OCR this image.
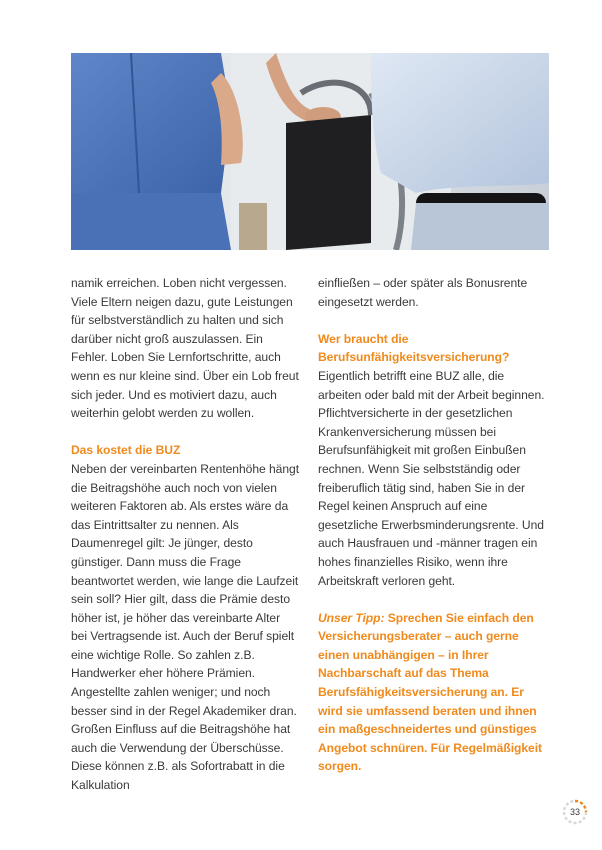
namik erreichen. Loben nicht vergessen. Viele Eltern neigen dazu, gute Leistungen für selbstverständlich zu halten und sich darüber nicht groß auszulassen. Ein Fehler. Loben Sie Lernfortschritte, auch wenn es nur kleine sind. Über ein Lob freut sich jeder. Und es motiviert dazu, auch weiterhin gelobt werden zu wollen.

Das kostet die BUZ

Neben der vereinbarten Rentenhöhe hängt die Beitragshöhe auch noch von vielen weiteren Faktoren ab. Als erstes wäre da das Eintrittsalter zu nennen. Als Daumenregel gilt: Je jünger, desto günstiger. Dann muss die Frage beantwortet werden, wie lange die Laufzeit sein soll? Hier gilt, dass die Prämie desto höher ist, je höher das vereinbarte Alter bei Vertragsende ist. Auch der Beruf spielt eine wichtige Rolle. So zahlen z.B. Handwerker eher höhere Prämien. Angestellte zahlen weniger; und noch besser sind in der Regel Akademiker dran. Großen Einfluss auf die Beitragshöhe hat auch die Verwendung der Überschüsse. Diese können z.B. als Sofortrabatt in die Kalkulation

einfließen – oder später als Bonusrente eingesetzt werden.

Wer braucht die
Berufsunfähigkeitsversicherung?

Eigentlich betrifft eine BUZ alle, die arbeiten oder bald mit der Arbeit beginnen. Pflichtversicherte in der gesetzlichen Krankenversicherung müssen bei Berufsunfähigkeit mit großen Einbußen rechnen. Wenn Sie selbstständig oder freiberuflich tätig sind, haben Sie in der Regel keinen Anspruch auf eine gesetzliche Erwerbsminderungsrente. Und auch Hausfrauen und -männer tragen ein hohes finanzielles Risiko, wenn ihre Arbeitskraft verloren geht.

Unser Tipp: Sprechen Sie einfach den Versicherungsberater – auch gerne einen unabhängigen – in Ihrer Nachbarschaft auf das Thema Berufsfähigkeitsversicherung an. Er wird sie umfassend beraten und ihnen ein maßgeschneidertes und günstiges Angebot schnüren. Für Regelmäßigkeit sorgen.

33
